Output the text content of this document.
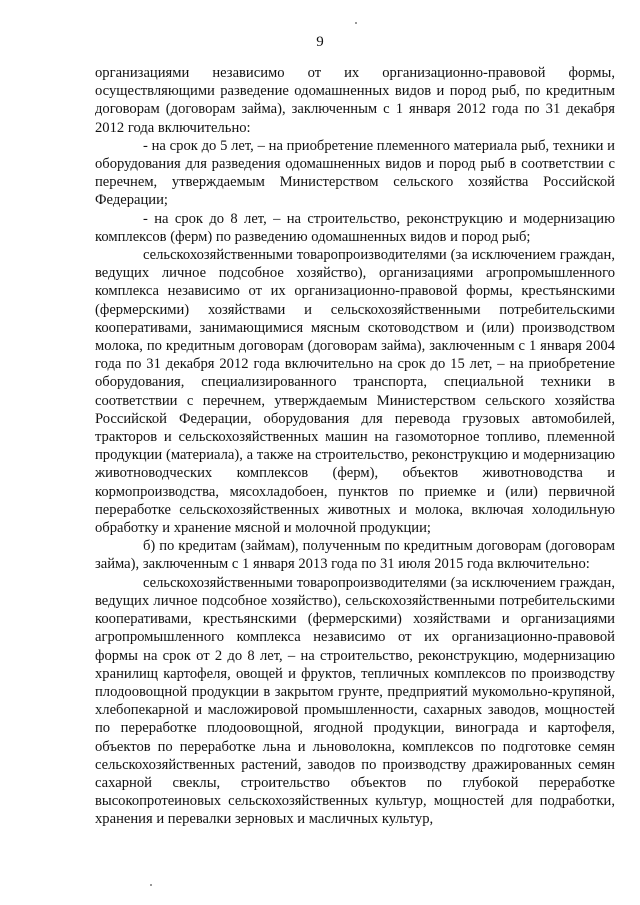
9

организациями независимо от их организационно-правовой формы, осуществляющими разведение одомашненных видов и пород рыб, по кредитным договорам (договорам займа), заключенным с 1 января 2012 года по 31 декабря 2012 года включительно:

- на срок до 5 лет, – на приобретение племенного материала рыб, техники и оборудования для разведения одомашненных видов и пород рыб в соответствии с перечнем, утверждаемым Министерством сельского хозяйства Российской Федерации;

- на срок до 8 лет, – на строительство, реконструкцию и модернизацию комплексов (ферм) по разведению одомашненных видов и пород рыб;

сельскохозяйственными товаропроизводителями (за исключением граждан, ведущих личное подсобное хозяйство), организациями агропромышленного комплекса независимо от их организационно-правовой формы, крестьянскими (фермерскими) хозяйствами и сельскохозяйственными потребительскими кооперативами, занимающимися мясным скотоводством и (или) производством молока, по кредитным договорам (договорам займа), заключенным с 1 января 2004 года по 31 декабря 2012 года включительно на срок до 15 лет, – на приобретение оборудования, специализированного транспорта, специальной техники в соответствии с перечнем, утверждаемым Министерством сельского хозяйства Российской Федерации, оборудования для перевода грузовых автомобилей, тракторов и сельскохозяйственных машин на газомоторное топливо, племенной продукции (материала), а также на строительство, реконструкцию и модернизацию животноводческих комплексов (ферм), объектов животноводства и кормопроизводства, мясохладобоен, пунктов по приемке и (или) первичной переработке сельскохозяйственных животных и молока, включая холодильную обработку и хранение мясной и молочной продукции;

б) по кредитам (займам), полученным по кредитным договорам (договорам займа), заключенным с 1 января 2013 года по 31 июля 2015 года включительно:

сельскохозяйственными товаропроизводителями (за исключением граждан, ведущих личное подсобное хозяйство), сельскохозяйственными потребительскими кооперативами, крестьянскими (фермерскими) хозяйствами и организациями агропромышленного комплекса независимо от их организационно-правовой формы на срок от 2 до 8 лет, – на строительство, реконструкцию, модернизацию хранилищ картофеля, овощей и фруктов, тепличных комплексов по производству плодоовощной продукции в закрытом грунте, предприятий мукомольно-крупяной, хлебопекарной и масложировой промышленности, сахарных заводов, мощностей по переработке плодоовощной, ягодной продукции, винограда и картофеля, объектов по переработке льна и льноволокна, комплексов по подготовке семян сельскохозяйственных растений, заводов по производству дражированных семян сахарной свеклы, строительство объектов по глубокой переработке высокопротеиновых сельскохозяйственных культур, мощностей для подработки, хранения и перевалки зерновых и масличных культур,
